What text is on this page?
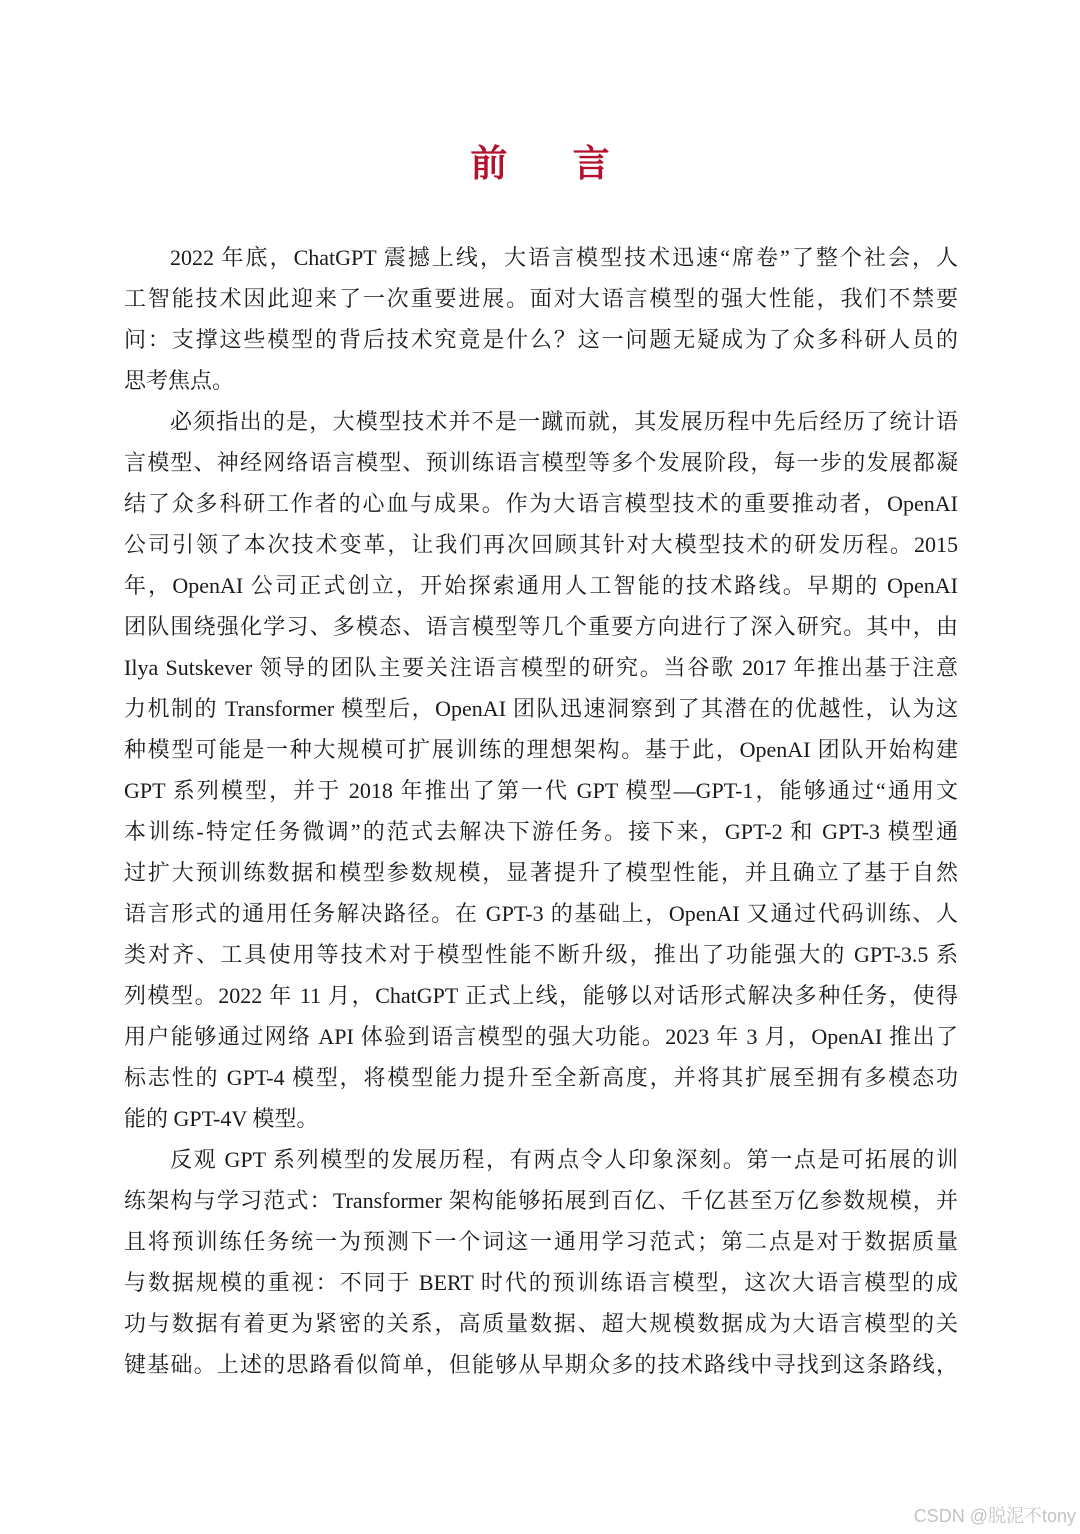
前 言
2022 年底，ChatGPT 震撼上线，大语言模型技术迅速“席卷”了整个社会，人
工智能技术因此迎来了一次重要进展。面对大语言模型的强大性能，我们不禁要
问：支撑这些模型的背后技术究竟是什么？这一问题无疑成为了众多科研人员的
思考焦点。
必须指出的是，大模型技术并不是一蹴而就，其发展历程中先后经历了统计语
言模型、神经网络语言模型、预训练语言模型等多个发展阶段，每一步的发展都凝
结了众多科研工作者的心血与成果。作为大语言模型技术的重要推动者，OpenAI
公司引领了本次技术变革，让我们再次回顾其针对大模型技术的研发历程。2015
年，OpenAI 公司正式创立，开始探索通用人工智能的技术路线。早期的 OpenAI
团队围绕强化学习、多模态、语言模型等几个重要方向进行了深入研究。其中，由
Ilya Sutskever 领导的团队主要关注语言模型的研究。当谷歌 2017 年推出基于注意
力机制的 Transformer 模型后，OpenAI 团队迅速洞察到了其潜在的优越性，认为这
种模型可能是一种大规模可扩展训练的理想架构。基于此，OpenAI 团队开始构建
GPT 系列模型，并于 2018 年推出了第一代 GPT 模型—GPT-1，能够通过“通用文
本训练-特定任务微调”的范式去解决下游任务。接下来，GPT-2 和 GPT-3 模型通
过扩大预训练数据和模型参数规模，显著提升了模型性能，并且确立了基于自然
语言形式的通用任务解决路径。在 GPT-3 的基础上，OpenAI 又通过代码训练、人
类对齐、工具使用等技术对于模型性能不断升级，推出了功能强大的 GPT-3.5 系
列模型。2022 年 11 月，ChatGPT 正式上线，能够以对话形式解决多种任务，使得
用户能够通过网络 API 体验到语言模型的强大功能。2023 年 3 月，OpenAI 推出了
标志性的 GPT-4 模型，将模型能力提升至全新高度，并将其扩展至拥有多模态功
能的 GPT-4V 模型。
反观 GPT 系列模型的发展历程，有两点令人印象深刻。第一点是可拓展的训
练架构与学习范式：Transformer 架构能够拓展到百亿、千亿甚至万亿参数规模，并
且将预训练任务统一为预测下一个词这一通用学习范式；第二点是对于数据质量
与数据规模的重视：不同于 BERT 时代的预训练语言模型，这次大语言模型的成
功与数据有着更为紧密的关系，高质量数据、超大规模数据成为大语言模型的关
键基础。上述的思路看似简单，但能够从早期众多的技术路线中寻找到这条路线，
CSDN @脱泥不tony
